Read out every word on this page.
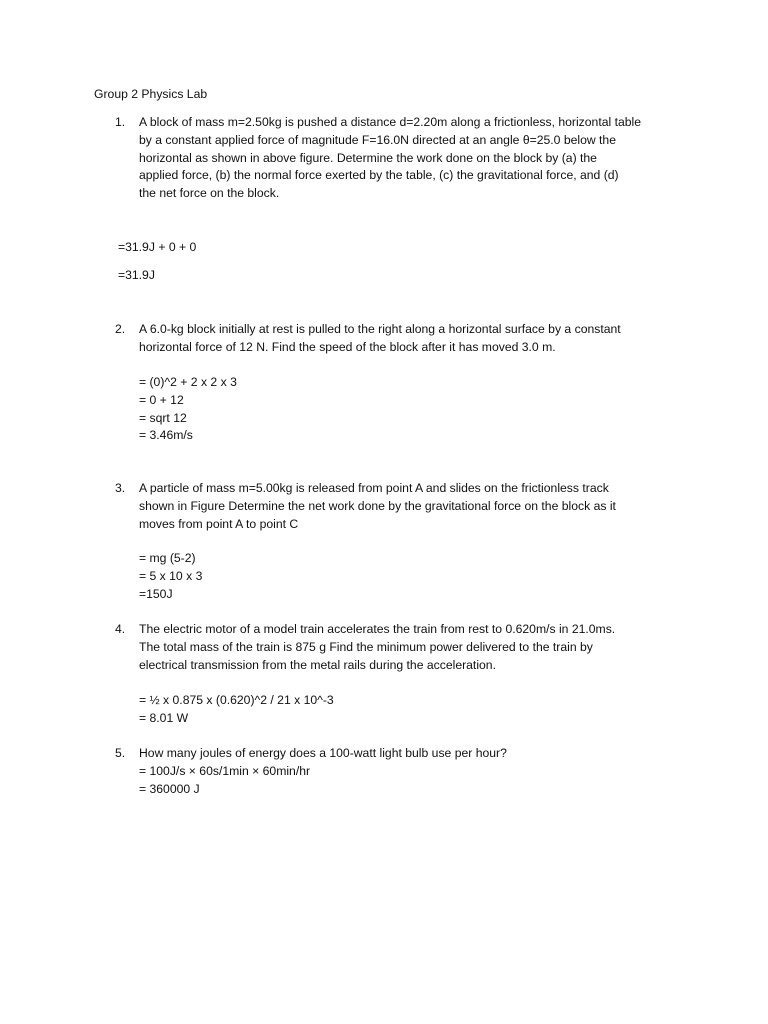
Group 2 Physics Lab
1. A block of mass m=2.50kg is pushed a distance d=2.20m along a frictionless, horizontal table
by a constant applied force of magnitude F=16.0N directed at an angle θ=25.0 below the
horizontal as shown in above figure. Determine the work done on the block by (a) the
applied force, (b) the normal force exerted by the table, (c) the gravitational force, and (d)
the net force on the block.
=31.9J + 0 + 0
=31.9J
2. A 6.0-kg block initially at rest is pulled to the right along a horizontal surface by a constant
horizontal force of 12 N. Find the speed of the block after it has moved 3.0 m.
= (0)^2 + 2 x 2 x 3
= 0 + 12
= sqrt 12
= 3.46m/s
3. A particle of mass m=5.00kg is released from point A and slides on the frictionless track
shown in Figure Determine the net work done by the gravitational force on the block as it
moves from point A to point C
= mg (5-2)
= 5 x 10 x 3
=150J
4. The electric motor of a model train accelerates the train from rest to 0.620m/s in 21.0ms.
The total mass of the train is 875 g Find the minimum power delivered to the train by
electrical transmission from the metal rails during the acceleration.
= ½ x 0.875 x (0.620)^2 / 21 x 10^-3
= 8.01 W
5. How many joules of energy does a 100-watt light bulb use per hour?
= 100J/s × 60s/1min × 60min/hr
= 360000 J
